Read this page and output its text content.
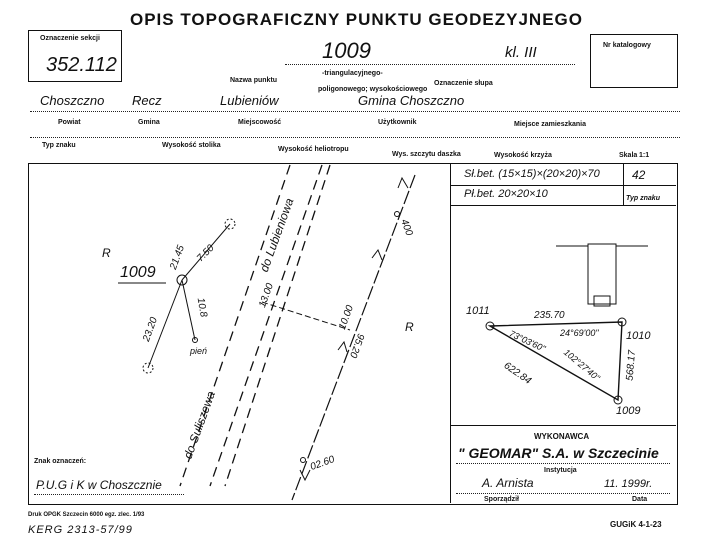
OPIS TOPOGRAFICZNY PUNKTU GEODEZYJNEGO
Oznaczenie sekcji
352.112
Nr katalogowy
1009	kl. III
Nazwa punktu
-triangulacyjnego-
poligonowego; wysokościowego
Oznaczenie słupa
Choszczno Recz	Lubieniów	Gmina Choszczno
Powiat	Gmina	Miejscowość	Użytkownik	Miejsce zamieszkania
Typ znaku	Wysokość stolika
Wysokość heliotropu
Wys. szczytu daszka	Wysokość krzyża	Skala 1:1
Sł.bet. (15×15)×(20×20)×70
Pł.bet. 20×20×10
42
Typ znaku
R
R
1009	do Lubieniowa
do Suliszewa
21.45 7.50
23.20
10.8
pień
13.00
400
10.00
95.20
02.60
1011
1010
1009
235.70
568.17
622.84
73°03'60" 24°69'00"
102°27'40"
WYKONAWCA
" GEOMAR" S.A. w Szczecinie
Instytucja
A. Arnista	11. 1999r.
Sporządził	Data
Znak oznaczeń:
P.U.G i K w Choszcznie
Druk OPGK Szczecin 6000 egz. zlec. 1/93
KERG 2313-57/99	GUGiK 4-1-23
